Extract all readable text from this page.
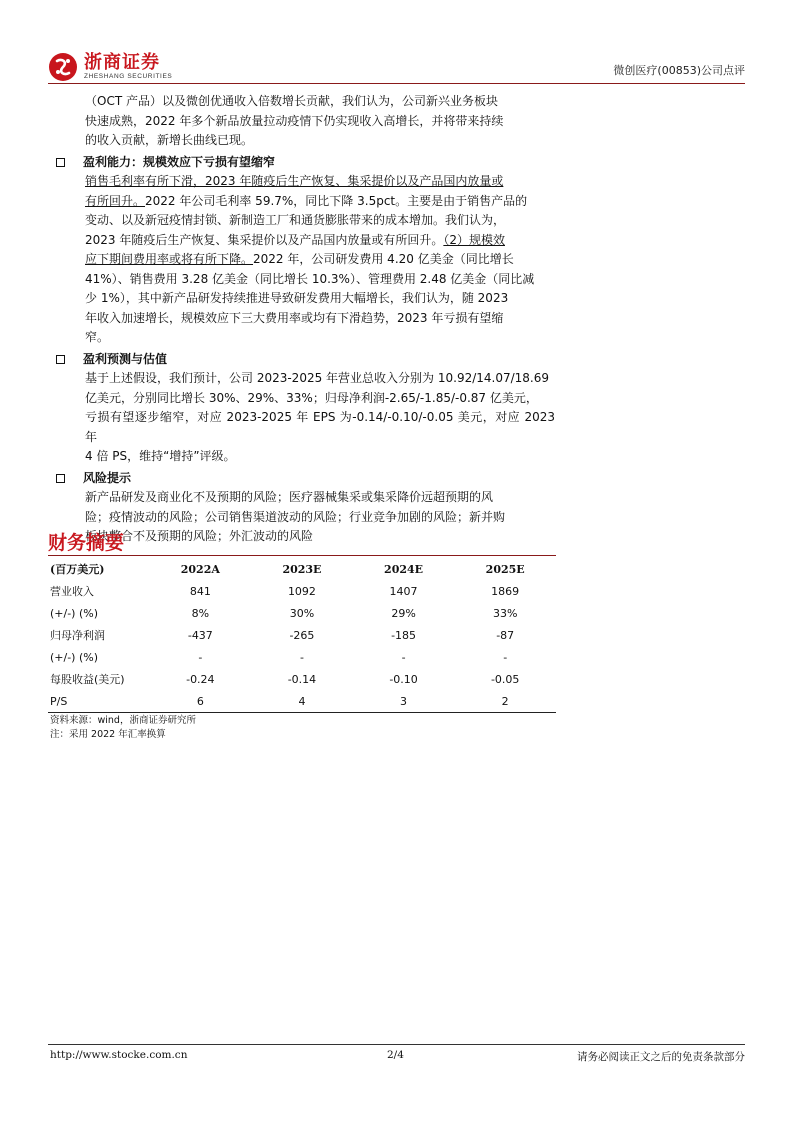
浙商证券
ZHESHANG SECURITIES	微创医疗(00853)公司点评
（OCT 产品）以及微创优通收入倍数增长贡献，我们认为，公司新兴业务板块
快速成熟，2022 年多个新品放量拉动疫情下仍实现收入高增长，并将带来持续
的收入贡献，新增长曲线已现。
盈利能力：规模效应下亏损有望缩窄
销售毛利率有所下滑，2023 年随疫后生产恢复、集采提价以及产品国内放量或
有所回升。2022 年公司毛利率 59.7%，同比下降 3.5pct。主要是由于销售产品的
变动、以及新冠疫情封锁、新制造工厂和通货膨胀带来的成本增加。我们认为，
2023 年随疫后生产恢复、集采提价以及产品国内放量或有所回升。（2）规模效
应下期间费用率或将有所下降。2022 年，公司研发费用 4.20 亿美金（同比增长
41%）、销售费用 3.28 亿美金（同比增长 10.3%）、管理费用 2.48 亿美金（同比减
少 1%），其中新产品研发持续推进导致研发费用大幅增长，我们认为，随 2023
年收入加速增长，规模效应下三大费用率或均有下滑趋势，2023 年亏损有望缩
窄。
盈利预测与估值
基于上述假设，我们预计，公司 2023-2025 年营业总收入分别为 10.92/14.07/18.69
亿美元，分别同比增长 30%、29%、33%；归母净利润-2.65/-1.85/-0.87 亿美元，
亏损有望逐步缩窄，对应 2023-2025 年 EPS 为-0.14/-0.10/-0.05 美元，对应 2023 年
4 倍 PS，维持“增持”评级。
风险提示
新产品研发及商业化不及预期的风险；医疗器械集采或集采降价远超预期的风
险；疫情波动的风险；公司销售渠道波动的风险；行业竞争加剧的风险；新并购
板块整合不及预期的风险；外汇波动的风险
财务摘要
(百万美元)	2022A	2023E	2024E	2025E
营业收入	841	1092	1407	1869
(+/-) (%)	8%	30%	29%	33%
归母净利润	-437	-265	-185	-87
(+/-) (%)	-	-	-	-
每股收益(美元)	-0.24	-0.14	-0.10	-0.05
P/S	6	4	3	2
资料来源：wind，浙商证券研究所
注：采用 2022 年汇率换算
http://www.stocke.com.cn	2/4	请务必阅读正文之后的免责条款部分
